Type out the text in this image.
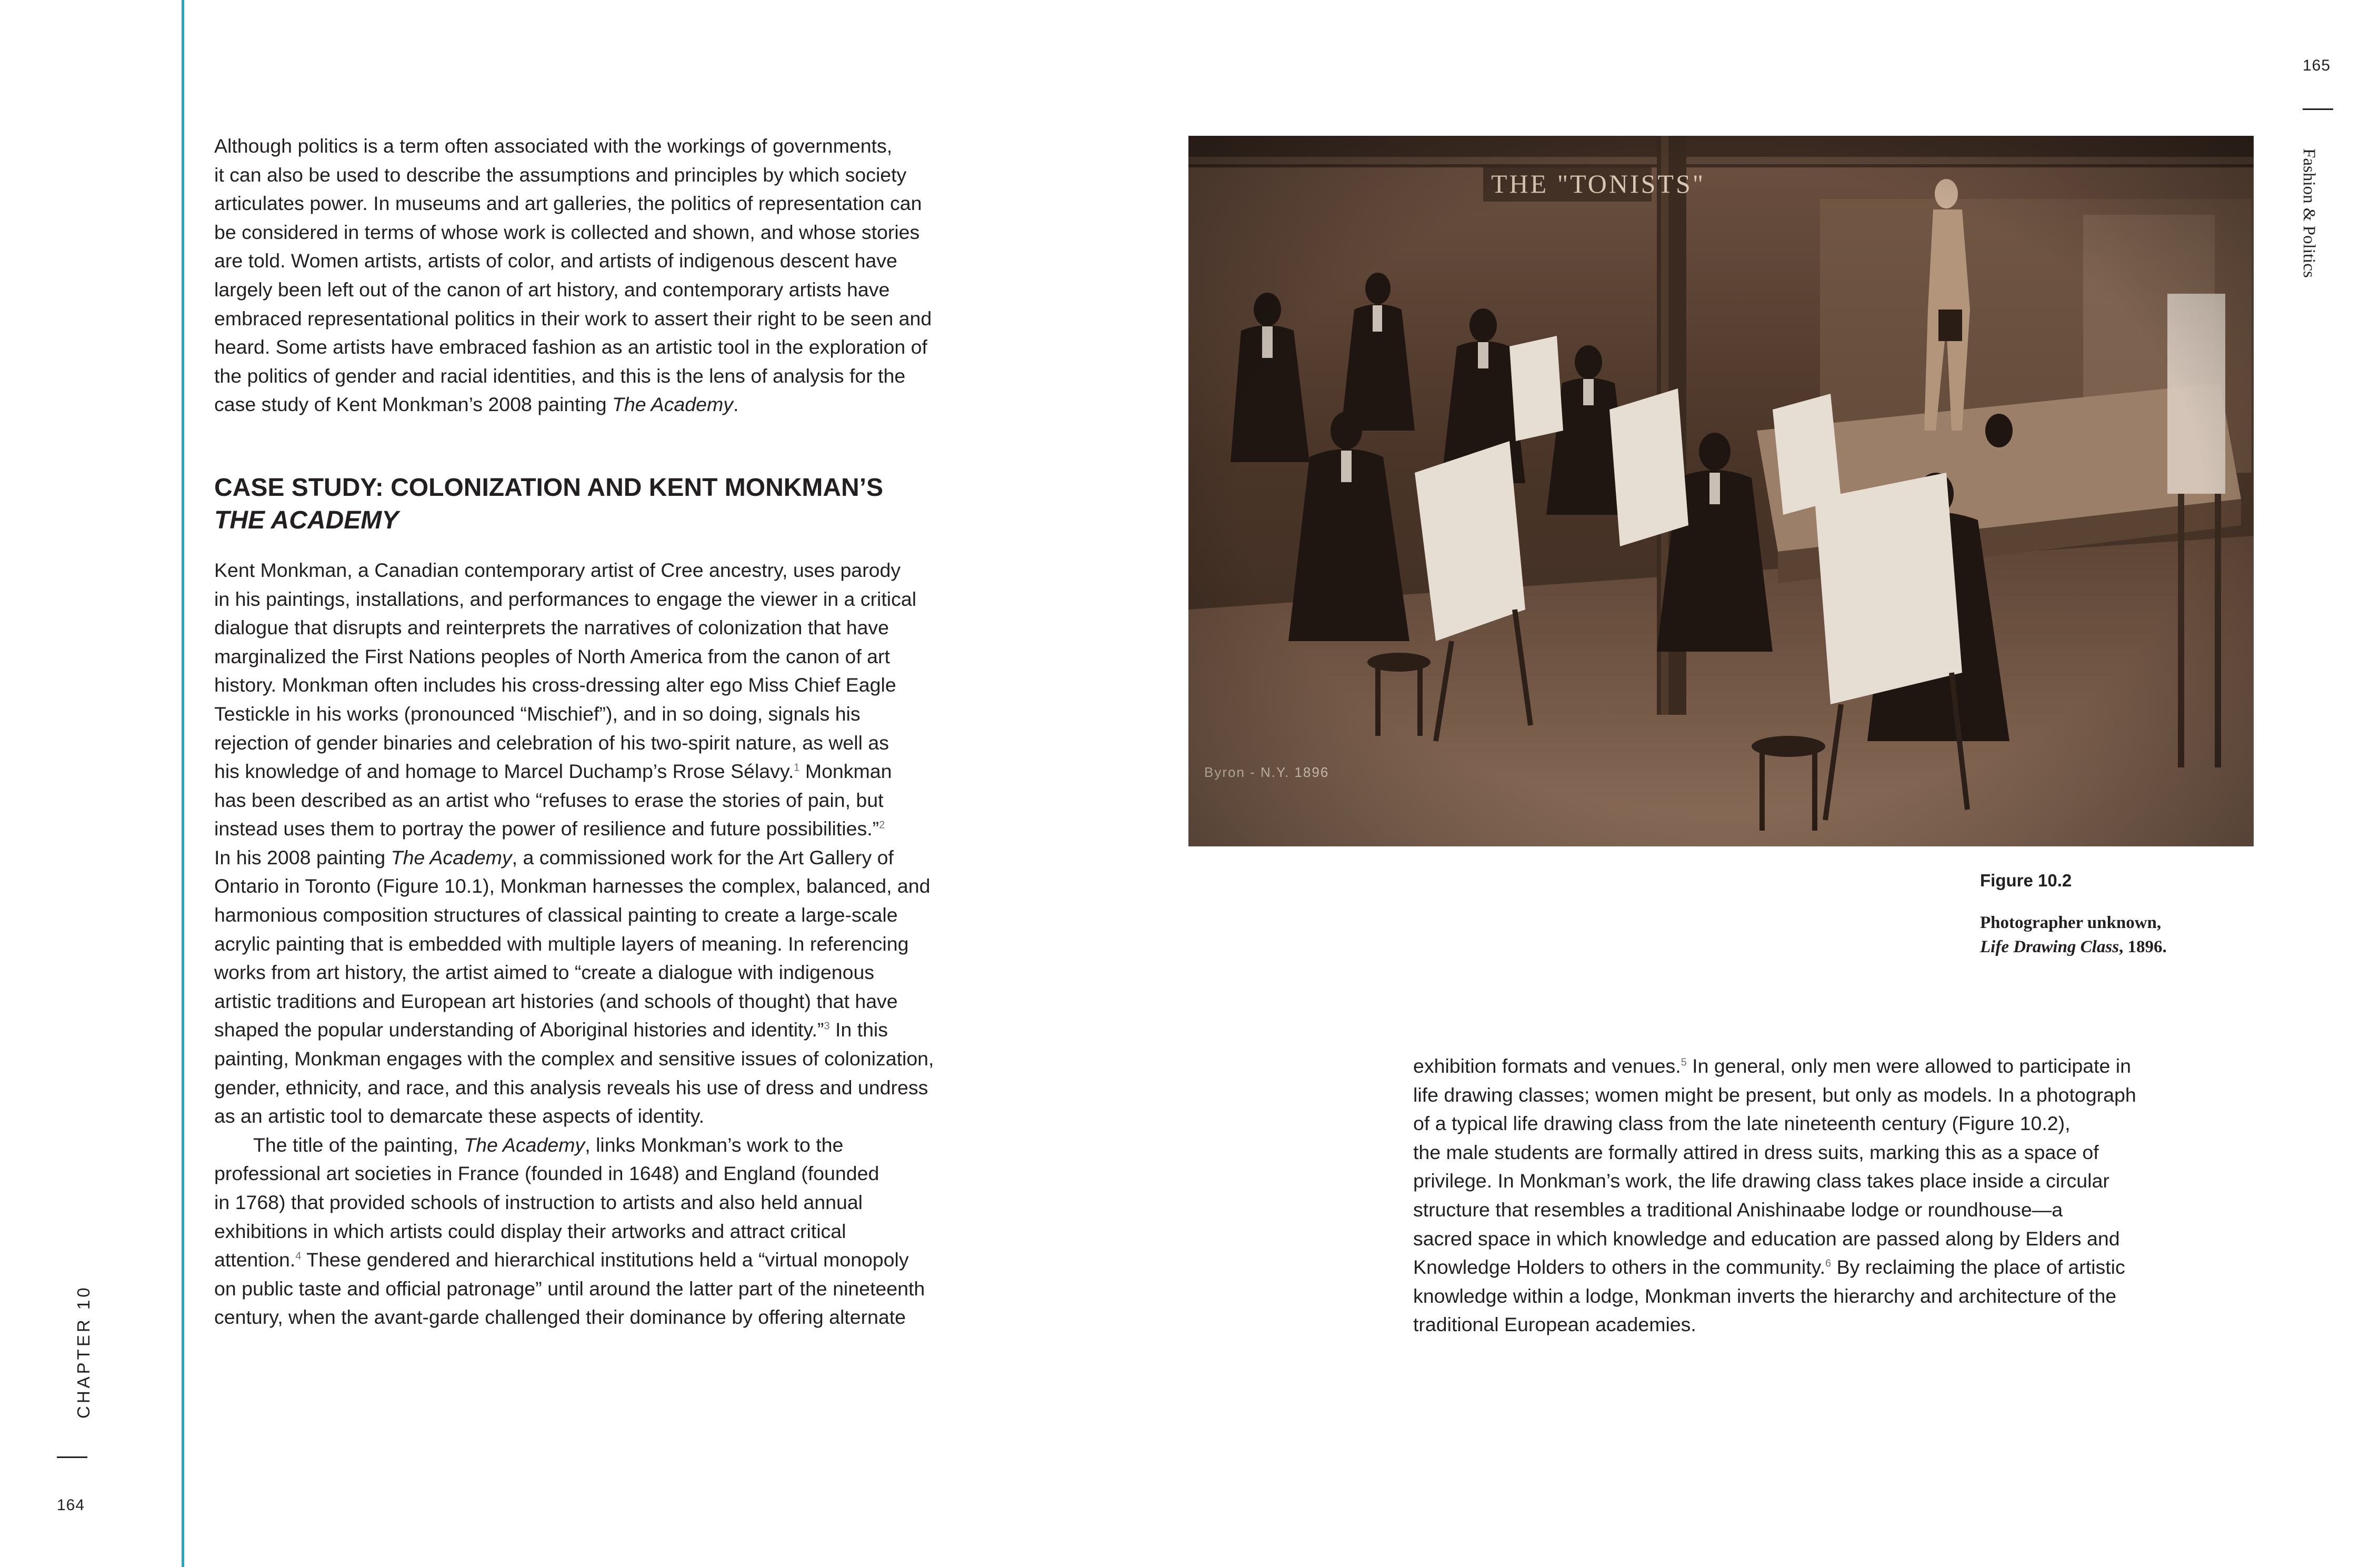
CHAPTER 10
164
165
Fashion & Politics
Although politics is a term often associated with the workings of governments,
it can also be used to describe the assumptions and principles by which society
articulates power. In museums and art galleries, the politics of representation can
be considered in terms of whose work is collected and shown, and whose stories
are told. Women artists, artists of color, and artists of indigenous descent have
largely been left out of the canon of art history, and contemporary artists have
embraced representational politics in their work to assert their right to be seen and
heard. Some artists have embraced fashion as an artistic tool in the exploration of
the politics of gender and racial identities, and this is the lens of analysis for the
case study of Kent Monkman’s 2008 painting The Academy.
CASE STUDY: COLONIZATION AND KENT MONKMAN’S
THE ACADEMY
Kent Monkman, a Canadian contemporary artist of Cree ancestry, uses parody
in his paintings, installations, and performances to engage the viewer in a critical
dialogue that disrupts and reinterprets the narratives of colonization that have
marginalized the First Nations peoples of North America from the canon of art
history. Monkman often includes his cross-dressing alter ego Miss Chief Eagle
Testickle in his works (pronounced “Mischief”), and in so doing, signals his
rejection of gender binaries and celebration of his two-spirit nature, as well as
his knowledge of and homage to Marcel Duchamp’s Rrose Sélavy.$^1$ Monkman
has been described as an artist who “refuses to erase the stories of pain, but
instead uses them to portray the power of resilience and future possibilities.”$^2$
In his 2008 painting The Academy, a commissioned work for the Art Gallery of
Ontario in Toronto (Figure 10.1), Monkman harnesses the complex, balanced, and
harmonious composition structures of classical painting to create a large-scale
acrylic painting that is embedded with multiple layers of meaning. In referencing
works from art history, the artist aimed to “create a dialogue with indigenous
artistic traditions and European art histories (and schools of thought) that have
shaped the popular understanding of Aboriginal histories and identity.”$^3$ In this
painting, Monkman engages with the complex and sensitive issues of colonization,
gender, ethnicity, and race, and this analysis reveals his use of dress and undress
as an artistic tool to demarcate these aspects of identity.
The title of the painting, The Academy, links Monkman’s work to the
professional art societies in France (founded in 1648) and England (founded
in 1768) that provided schools of instruction to artists and also held annual
exhibitions in which artists could display their artworks and attract critical
attention.$^4$ These gendered and hierarchical institutions held a “virtual monopoly
on public taste and official patronage” until around the latter part of the nineteenth
century, when the avant-garde challenged their dominance by offering alternate
Figure 10.2
Photographer unknown,
Life Drawing Class, 1896.
exhibition formats and venues.$^5$ In general, only men were allowed to participate in
life drawing classes; women might be present, but only as models. In a photograph
of a typical life drawing class from the late nineteenth century (Figure 10.2),
the male students are formally attired in dress suits, marking this as a space of
privilege. In Monkman’s work, the life drawing class takes place inside a circular
structure that resembles a traditional Anishinaabe lodge or roundhouse—a
sacred space in which knowledge and education are passed along by Elders and
Knowledge Holders to others in the community.$^6$ By reclaiming the place of artistic
knowledge within a lodge, Monkman inverts the hierarchy and architecture of the
traditional European academies.
